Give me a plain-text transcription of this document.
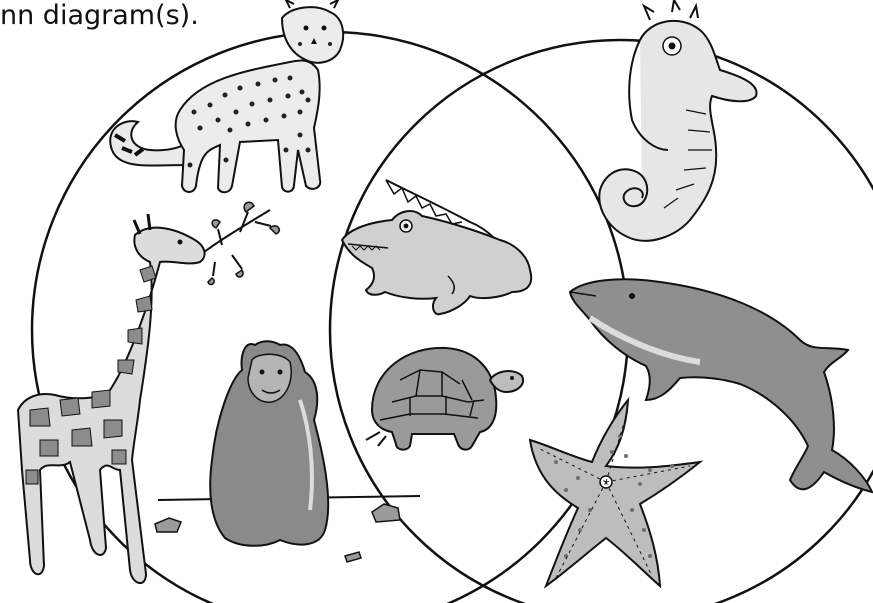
nn diagram(s).
